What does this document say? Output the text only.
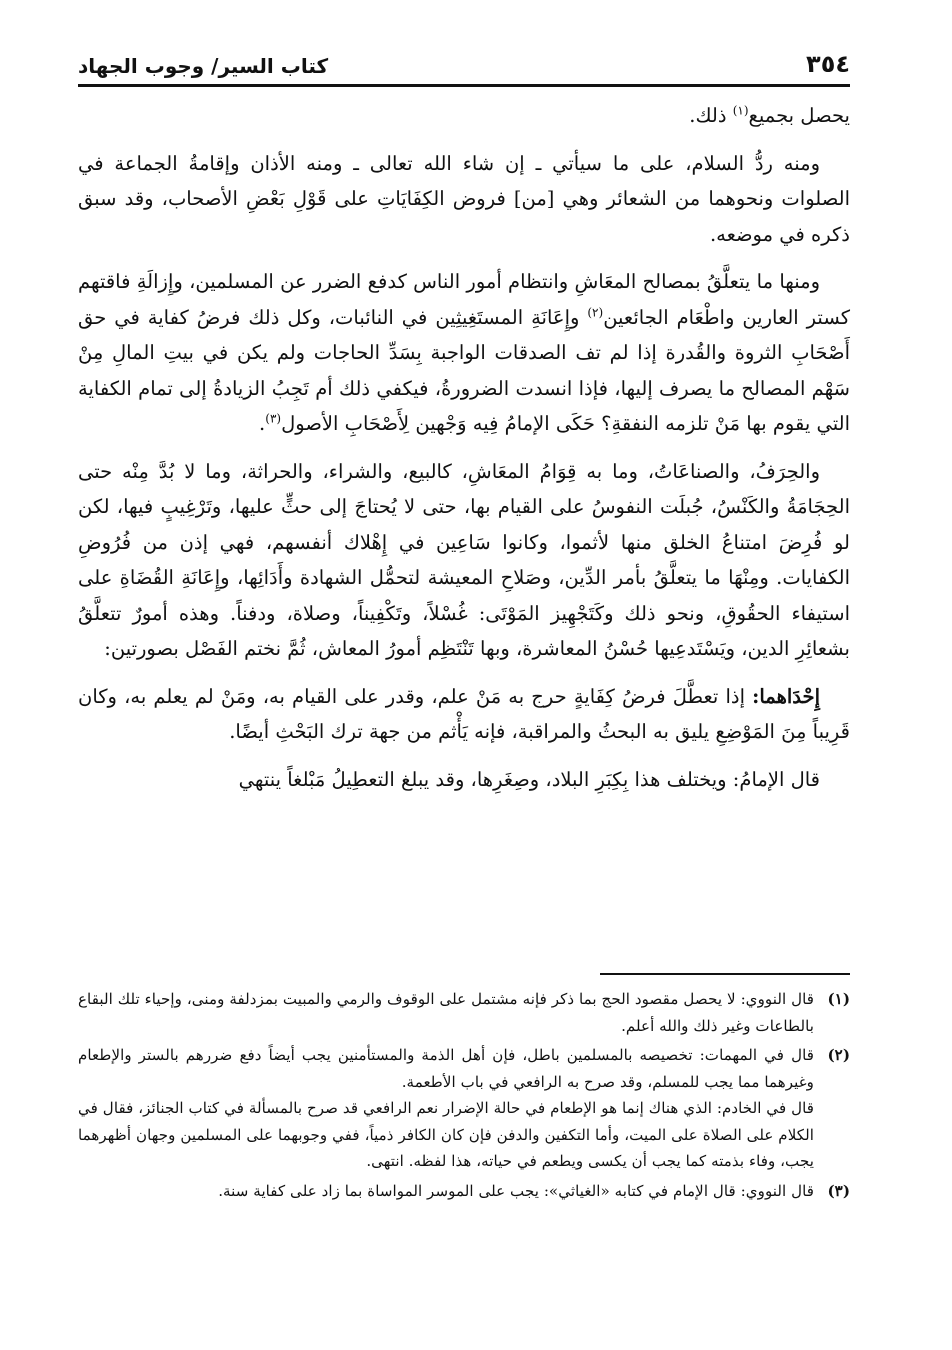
٣٥٤
كتاب السير/ وجوب الجهاد

يحصل بجميع$^{(١)}$ ذلك.

ومنه ردُّ السلام، على ما سيأتي ـ إن شاء الله تعالى ـ ومنه الأذان وإقامةُ الجماعة في الصلوات ونحوهما من الشعائر وهي [من] فروض الكِفَايَاتِ على قَوْلِ بَعْضِ الأصحاب، وقد سبق ذكره في موضعه.

ومنها ما يتعلَّقُ بمصالح المعَاشِ وانتظام أمور الناس كدفع الضرر عن المسلمين، وإِزالَةِ فاقتهم كستر العارين واطْعَام الجائعين$^{(٢)}$ وإِعَانَةِ المستَغِيثِين في النائبات، وكل ذلك فرضُ كفاية في حق أَصْحَابِ الثروة والقُدرة إذا لم تف الصدقات الواجبة بِسَدِّ الحاجات ولم يكن في بيتِ المالِ مِنْ سَهْم المصالح ما يصرف إليها، فإذا انسدت الضرورةُ، فيكفي ذلك أم تَجِبُ الزيادةُ إلى تمام الكفاية التي يقوم بها مَنْ تلزمه النفقةِ؟ حَكَى الإمامُ فِيه وَجْهين لِأَصْحَابِ الأصول$^{(٣)}$.

والحِرَفُ، والصناعَاتُ، وما به قِوَامُ المعَاشِ، كالبيع، والشراء، والحراثة، وما لا بُدَّ مِنْه حتى الحِجَامَةُ والكَنْسُ، جُبلَت النفوسُ على القيام بها، حتى لا يُحتاجَ إلى حثٍّ عليها، وتَرْغِيبٍ فيها، لكن لو فُرِضَ امتناعُ الخلق منها لأثموا، وكانوا سَاعِين في إِهْلاك أنفسهم، فهي إذن من فُرُوضِ الكفايات. ومِنْهَا ما يتعلَّقُ بأمر الدِّين، وصَلاحِ المعيشة لتحمُّل الشهادة وأَدَائِها، وإِعَانَةِ القُضَاةِ على استيفاء الحقُوقِ، ونحو ذلك وكَتَجْهِيز المَوْتَى: غُسْلاً، وتَكْفِيناً، وصلاة، ودفناً. وهذه أمورٌ تتعلَّقُ بشعائِرِ الدين، ويَسْتَدعِيها حُسْنُ المعاشرة، وبها تَنْتَظِم أمورُ المعاش، ثُمَّ نختم الفَصْل بصورتين:

إِحْدَاهما: إذا تعطَّلَ فرضُ كِفَايةٍ حرج به مَنْ علم، وقدر على القيام به، ومَنْ لم يعلم به، وكان قَرِيباً مِنَ المَوْضِعِ يليق به البحثُ والمراقبة، فإنه يَأْثم من جهة ترك البَحْثِ أيضًا.

قال الإمامُ: ويختلف هذا بِكِبَرِ البلاد، وصِغَرِها، وقد يبلغ التعطِيلُ مَبْلغاً ينتهي

(١)

قال النووي: لا يحصل مقصود الحج بما ذكر فإنه مشتمل على الوقوف والرمي والمبيت بمزدلفة ومنى، وإحياء تلك البقاع بالطاعات وغير ذلك والله أعلم.

(٢)

قال في المهمات: تخصيصه بالمسلمين باطل، فإن أهل الذمة والمستأمنين يجب أيضاً دفع ضررهم بالستر والإطعام وغيرهما مما يجب للمسلم، وقد صرح به الرافعي في باب الأطعمة.

قال في الخادم: الذي هناك إنما هو الإطعام في حالة الإضرار نعم الرافعي قد صرح بالمسألة في كتاب الجنائز، فقال في الكلام على الصلاة على الميت، وأما التكفين والدفن فإن كان الكافر ذمياً، ففي وجوبهما على المسلمين وجهان أظهرهما يجب، وفاء بذمته كما يجب أن يكسى ويطعم في حياته، هذا لفظه. انتهى.

(٣)

قال النووي: قال الإمام في كتابه «الغياثي»: يجب على الموسر المواساة بما زاد على كفاية سنة.
